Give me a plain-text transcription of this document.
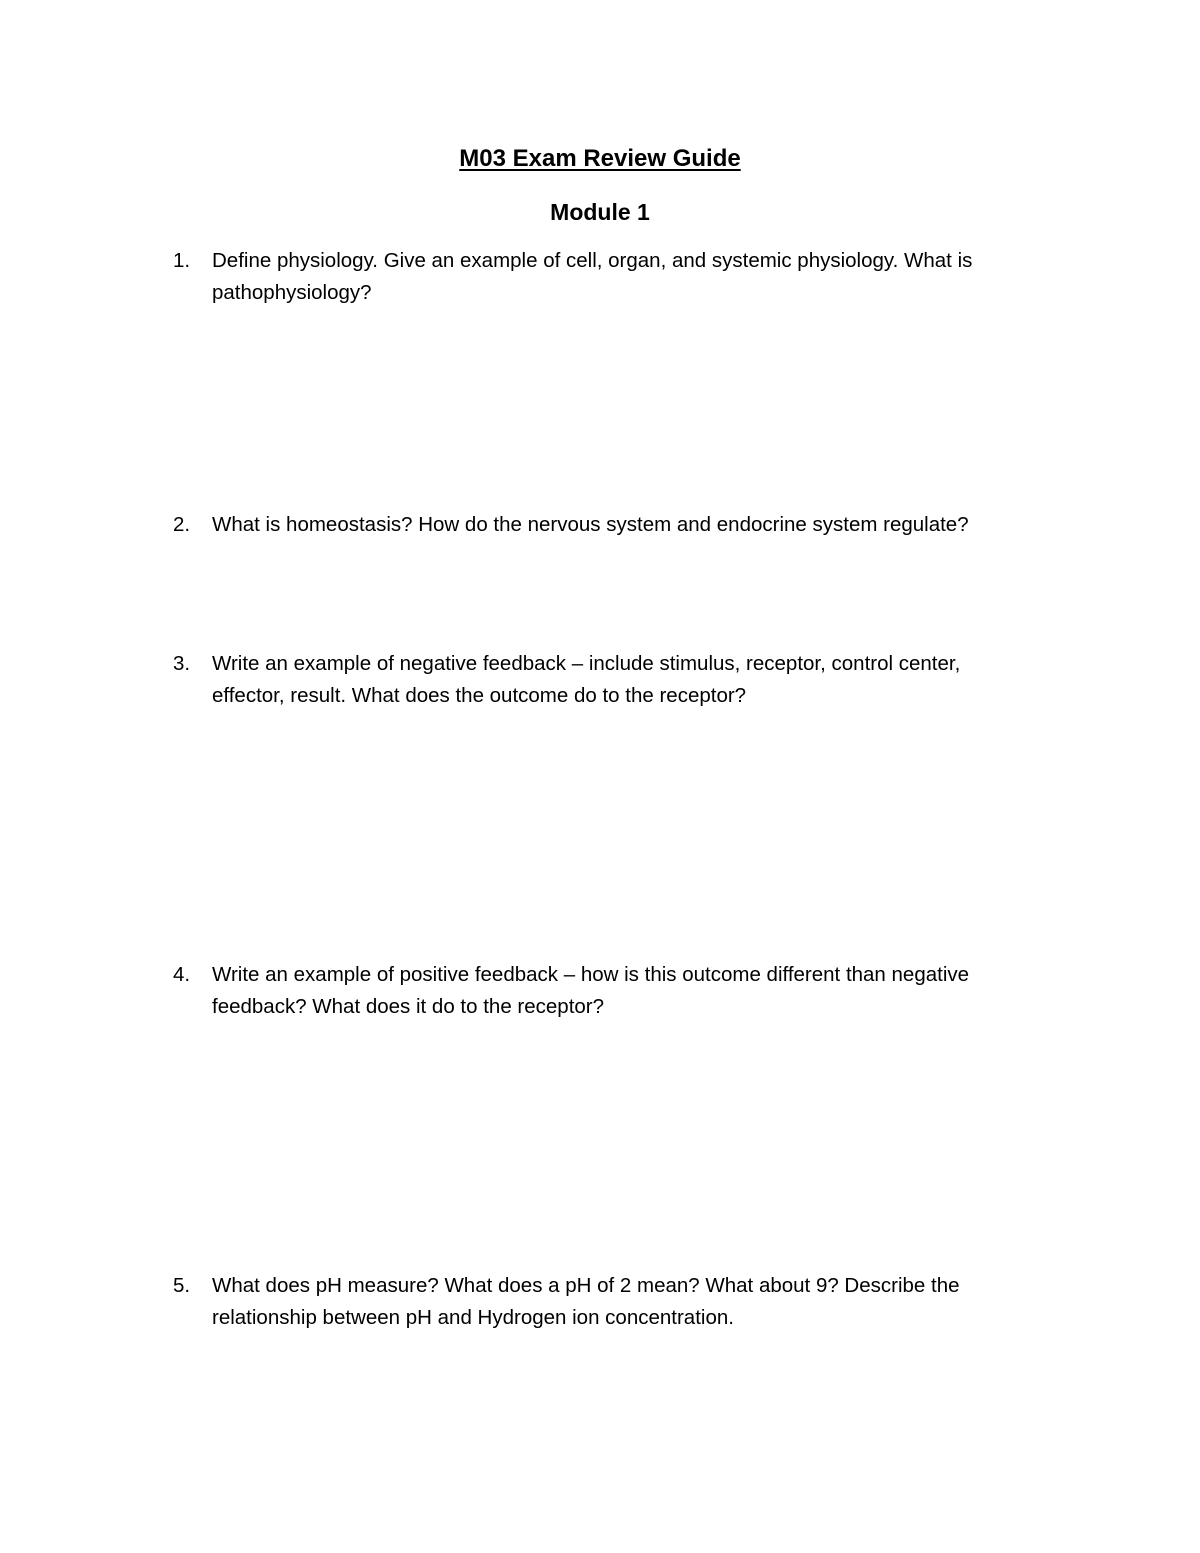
M03 Exam Review Guide
Module 1
1.	Define physiology. Give an example of cell, organ, and systemic physiology. What is pathophysiology?
2.	What is homeostasis? How do the nervous system and endocrine system regulate?
3.	Write an example of negative feedback – include stimulus, receptor, control center, effector, result. What does the outcome do to the receptor?
4.	Write an example of positive feedback – how is this outcome different than negative feedback? What does it do to the receptor?
5.	What does pH measure? What does a pH of 2 mean? What about 9? Describe the relationship between pH and Hydrogen ion concentration.
